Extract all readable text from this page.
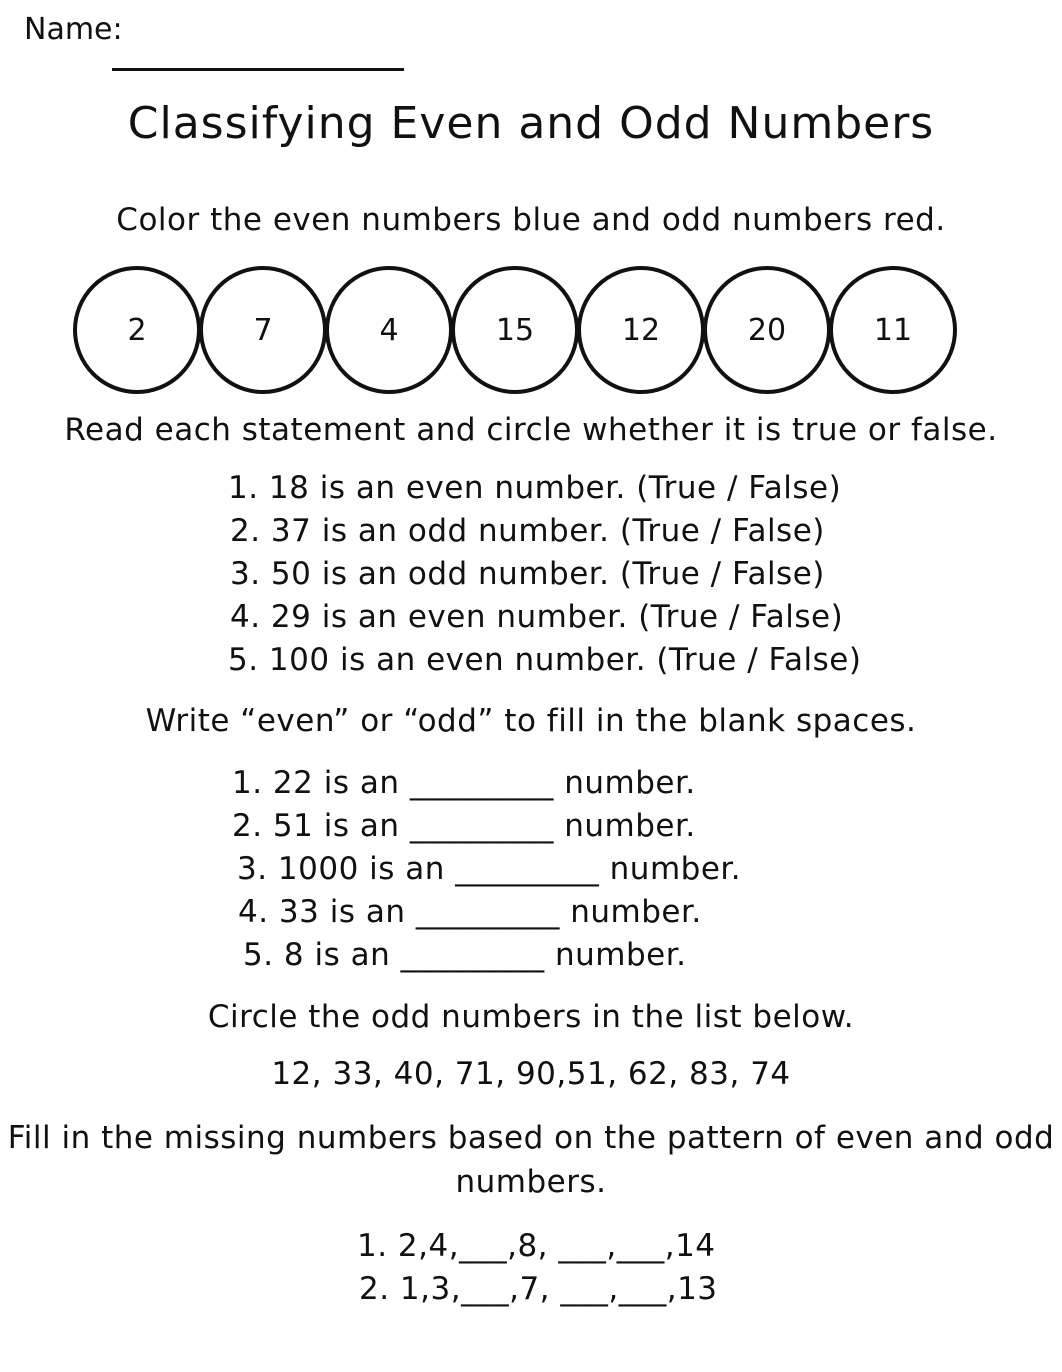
Name:
Classifying Even and Odd Numbers
Color the even numbers blue and odd numbers red.
2	7	4	15	12	20	11
Read each statement and circle whether it is true or false.
1. 18 is an even number. (True / False)
2. 37 is an odd number. (True / False)
3. 50 is an odd number. (True / False)
4. 29 is an even number. (True / False)
5. 100 is an even number. (True / False)
Write “even” or “odd” to fill in the blank spaces.
1. 22 is an _________ number.
2. 51 is an _________ number.
3. 1000 is an _________ number.
4. 33 is an _________ number.
5. 8 is an _________ number.
Circle the odd numbers in the list below.
12, 33, 40, 71, 90,51, 62, 83, 74
Fill in the missing numbers based on the pattern of even and odd
numbers.
1. 2,4,___,8, ___,___,14
2. 1,3,___,7, ___,___,13
